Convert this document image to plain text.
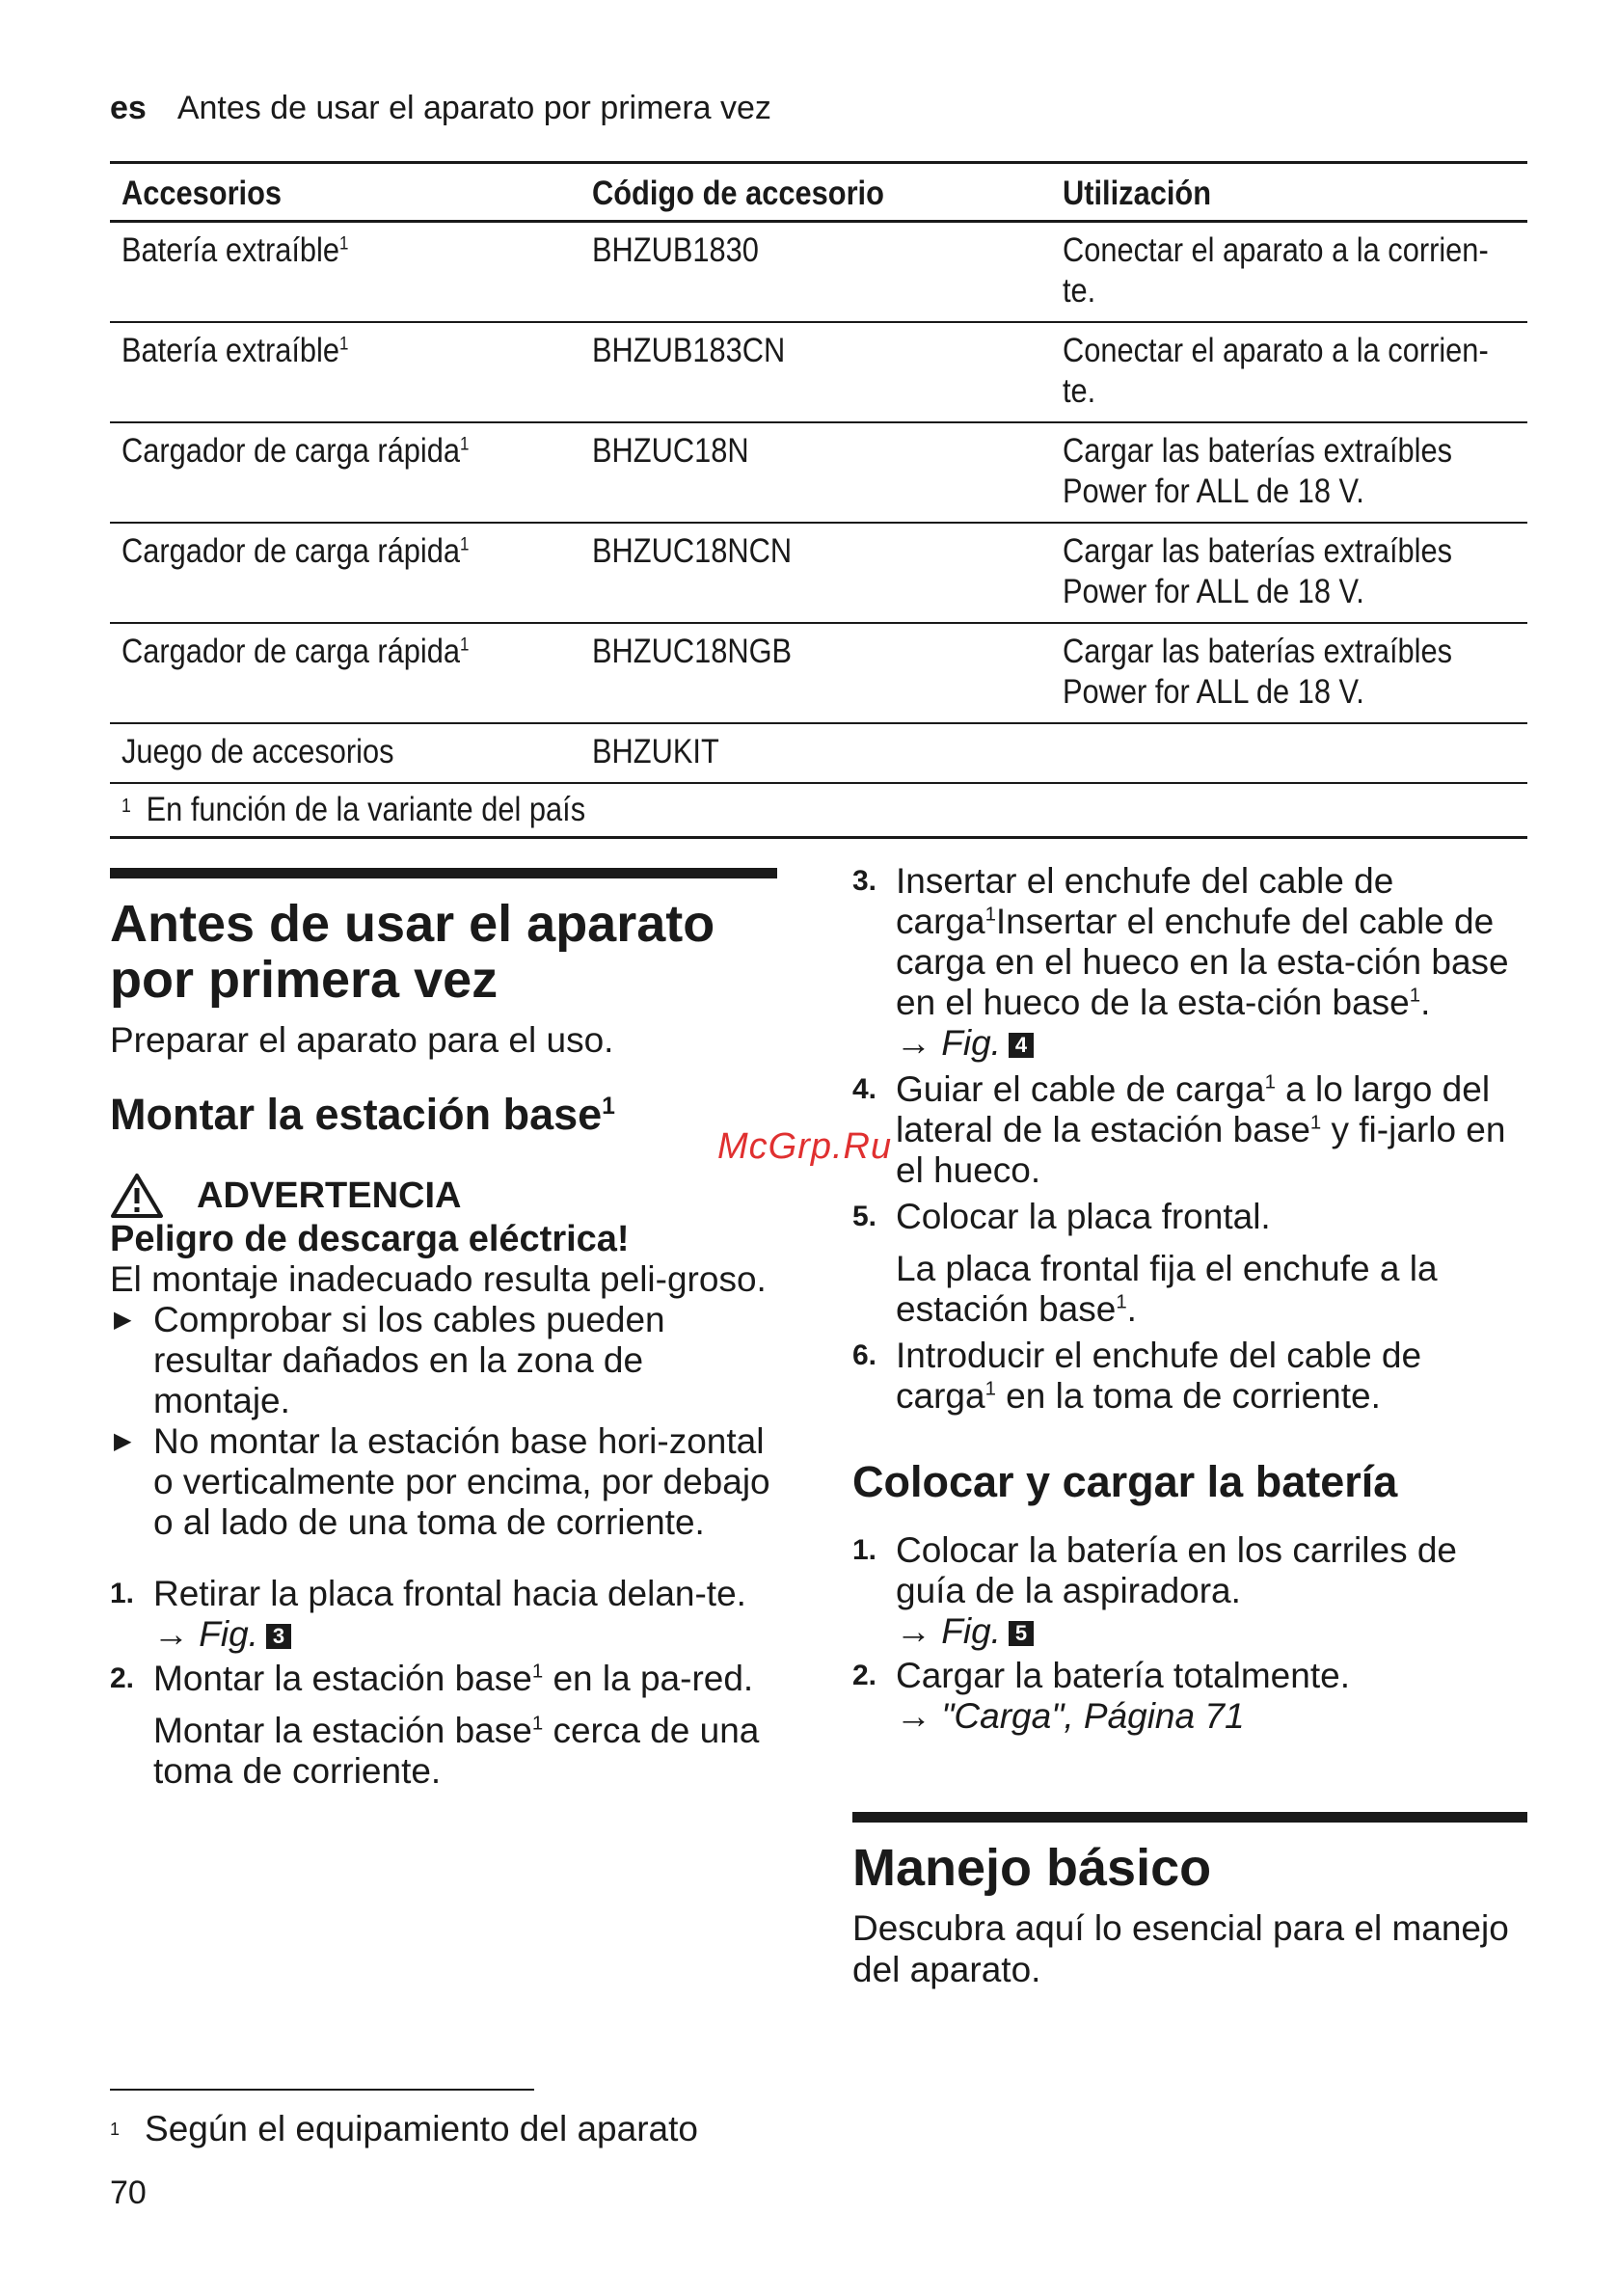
es Antes de usar el aparato por primera vez
Accesorios	Código de accesorio	Utilización
Batería extraíble$^1$	BHZUB1830	Conectar el aparato a la corrien-te.
Batería extraíble$^1$	BHZUB183CN	Conectar el aparato a la corrien-te.
Cargador de carga rápida$^1$	BHZUC18N	Cargar las baterías extraíbles Power for ALL de 18 V.
Cargador de carga rápida$^1$	BHZUC18NCN	Cargar las baterías extraíbles Power for ALL de 18 V.
Cargador de carga rápida$^1$	BHZUC18NGB	Cargar las baterías extraíbles Power for ALL de 18 V.
Juego de accesorios	BHZUKIT	
$^1$ En función de la variante del país		
Antes de usar el aparato
por primera vez

Preparar el aparato para el uso.

Montar la estación base$^1$
ADVERTENCIA
Peligro de descarga eléctrica!
El montaje inadecuado resulta peli-groso.
▶ Comprobar si los cables pueden resultar dañados en la zona de montaje.
▶ No montar la estación base hori-zontal o verticalmente por encima, por debajo o al lado de una toma de corriente.
1. Retirar la placa frontal hacia delan-te.
→ Fig. 3
2. Montar la estación base$^1$ en la pa-red.
Montar la estación base$^1$ cerca de una toma de corriente.
3. Insertar el enchufe del cable de carga$^1$Insertar el enchufe del cable de carga en el hueco en la esta-ción base en el hueco de la esta-ción base$^1$.
→ Fig. 4
4. Guiar el cable de carga$^1$ a lo largo del lateral de la estación base$^1$ y fi-jarlo en el hueco.
5. Colocar la placa frontal.
La placa frontal fija el enchufe a la estación base$^1$.
6. Introducir el enchufe del cable de carga$^1$ en la toma de corriente.
Colocar y cargar la batería
1. Colocar la batería en los carriles de guía de la aspiradora.
→ Fig. 5
2. Cargar la batería totalmente.
→ "Carga", Página 71
Manejo básico

Descubra aquí lo esencial para el manejo del aparato.

McGrp.Ru
$^1$ Según el equipamiento del aparato
70
